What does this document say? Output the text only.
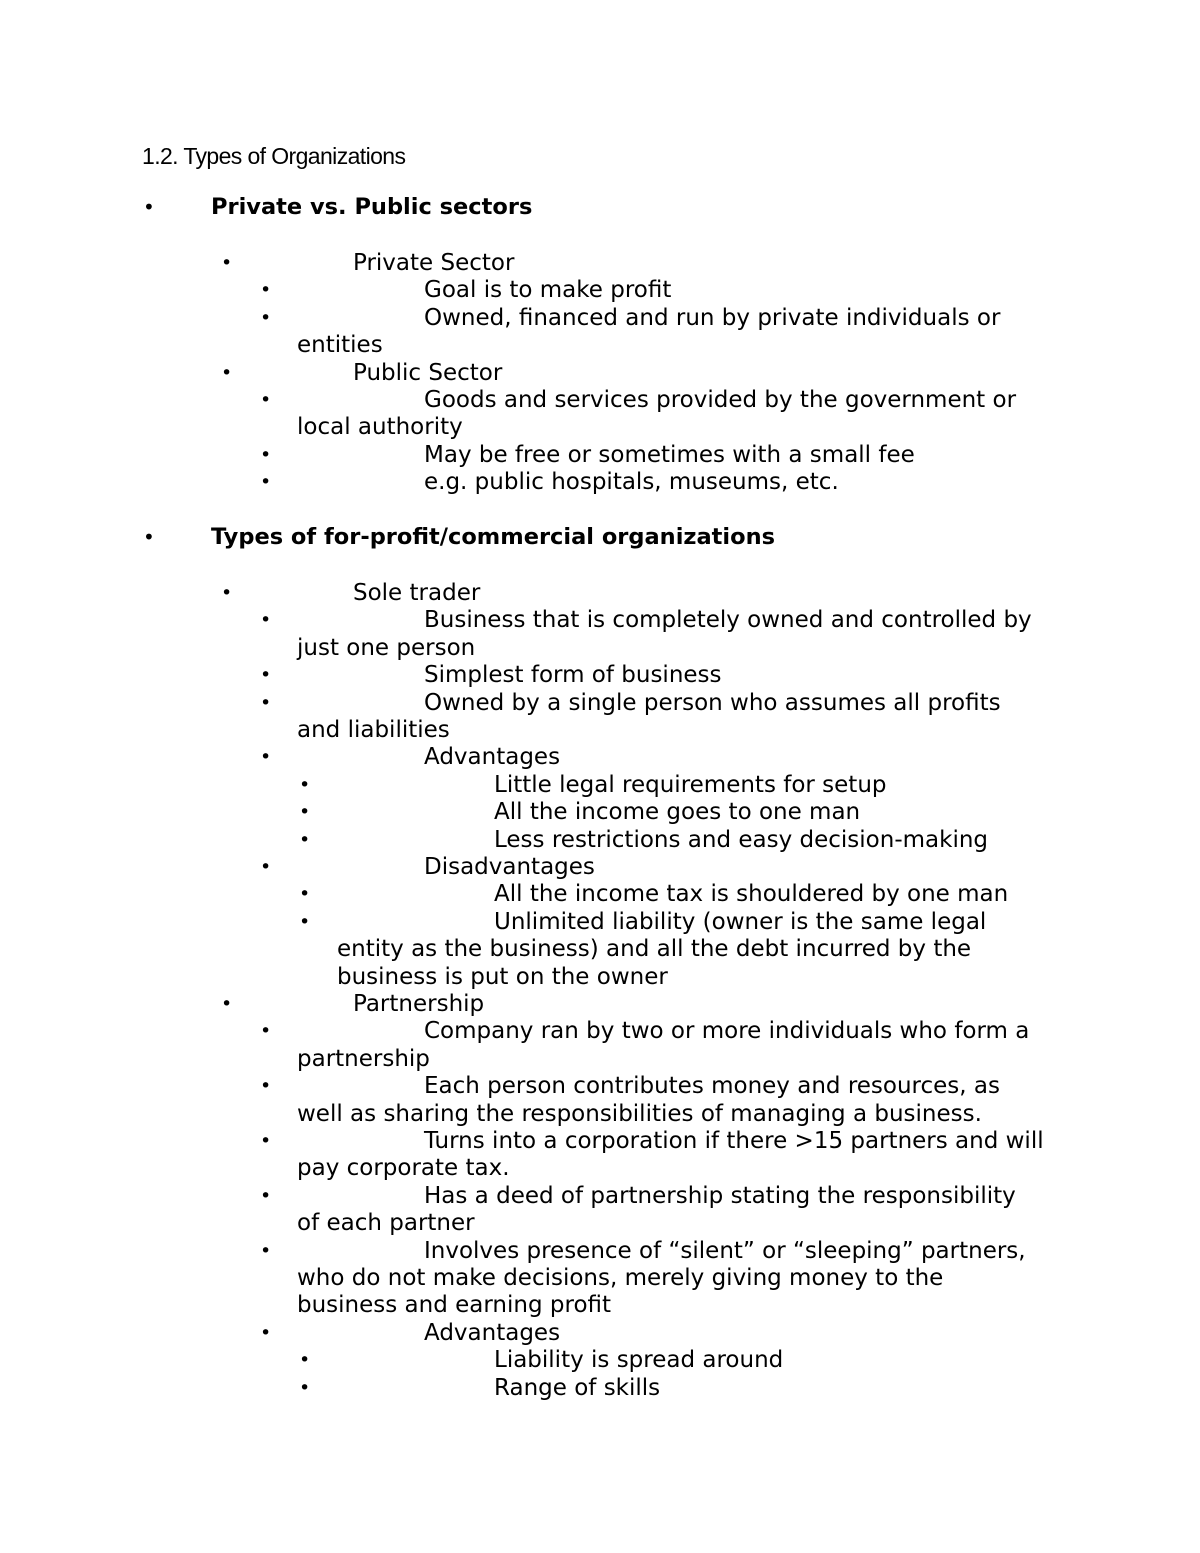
1.2. Types of Organizations
• Private vs. Public sectors
•	Private Sector
•	Goal is to make profit
•	Owned, financed and run by private individuals or
entities
•	Public Sector
•	Goods and services provided by the government or
local authority
•	May be free or sometimes with a small fee
•	e.g. public hospitals, museums, etc.
• Types of for-profit/commercial organizations
•	Sole trader
•	Business that is completely owned and controlled by
just one person
•	Simplest form of business
•	Owned by a single person who assumes all profits
and liabilities
•	Advantages
•	Little legal requirements for setup
•	All the income goes to one man
•	Less restrictions and easy decision-making
•	Disadvantages
•	All the income tax is shouldered by one man
•	Unlimited liability (owner is the same legal
entity as the business) and all the debt incurred by the
business is put on the owner
•	Partnership
•	Company ran by two or more individuals who form a
partnership
•	Each person contributes money and resources, as
well as sharing the responsibilities of managing a business.
•	Turns into a corporation if there >15 partners and will
pay corporate tax.
•	Has a deed of partnership stating the responsibility
of each partner
•	Involves presence of “silent” or “sleeping” partners,
who do not make decisions, merely giving money to the
business and earning profit
•	Advantages
•	Liability is spread around
•	Range of skills
